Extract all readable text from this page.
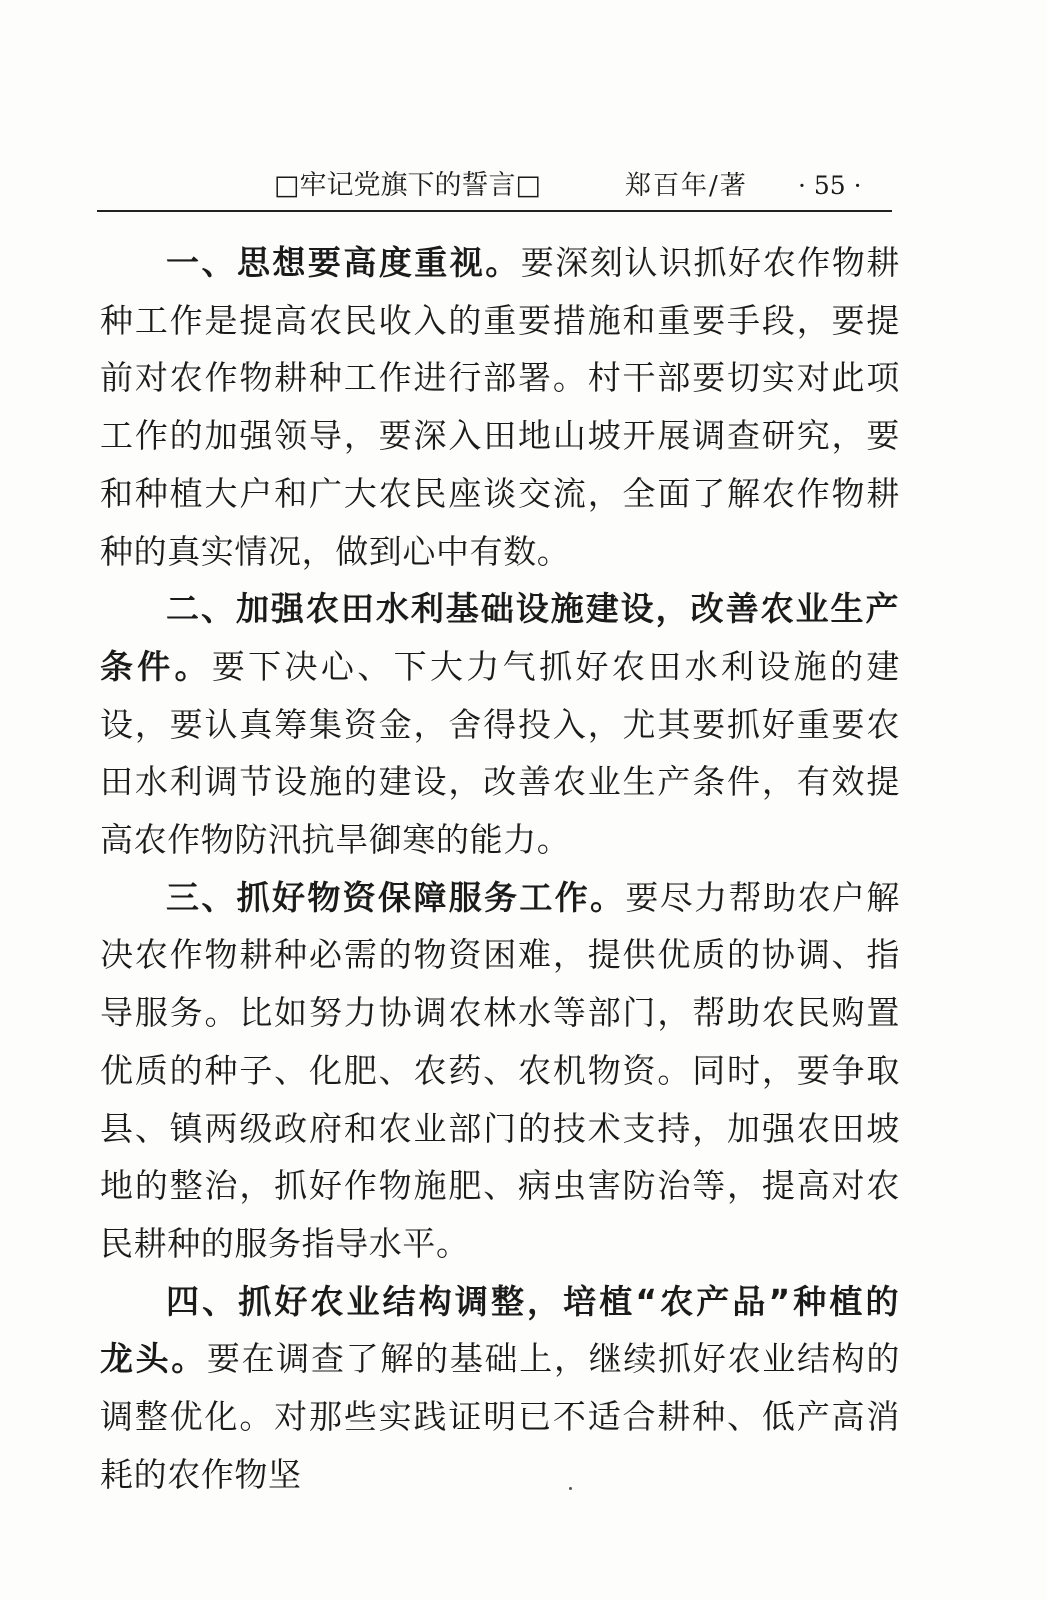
□牢记党旗下的誓言□	郑百年/著 · 55 ·

一、思想要高度重视。要深刻认识抓好农作物耕种工作是提高农民收入的重要措施和重要手段，要提前对农作物耕种工作进行部署。村干部要切实对此项工作的加强领导，要深入田地山坡开展调查研究，要和种植大户和广大农民座谈交流，全面了解农作物耕种的真实情况，做到心中有数。

二、加强农田水利基础设施建设，改善农业生产条件。要下决心、下大力气抓好农田水利设施的建设，要认真筹集资金，舍得投入，尤其要抓好重要农田水利调节设施的建设，改善农业生产条件，有效提高农作物防汛抗旱御寒的能力。

三、抓好物资保障服务工作。要尽力帮助农户解决农作物耕种必需的物资困难，提供优质的协调、指导服务。比如努力协调农林水等部门，帮助农民购置优质的种子、化肥、农药、农机物资。同时，要争取县、镇两级政府和农业部门的技术支持，加强农田坡地的整治，抓好作物施肥、病虫害防治等，提高对农民耕种的服务指导水平。

四、抓好农业结构调整，培植“农产品”种植的龙头。要在调查了解的基础上，继续抓好农业结构的调整优化。对那些实践证明已不适合耕种、低产高消耗的农作物坚
